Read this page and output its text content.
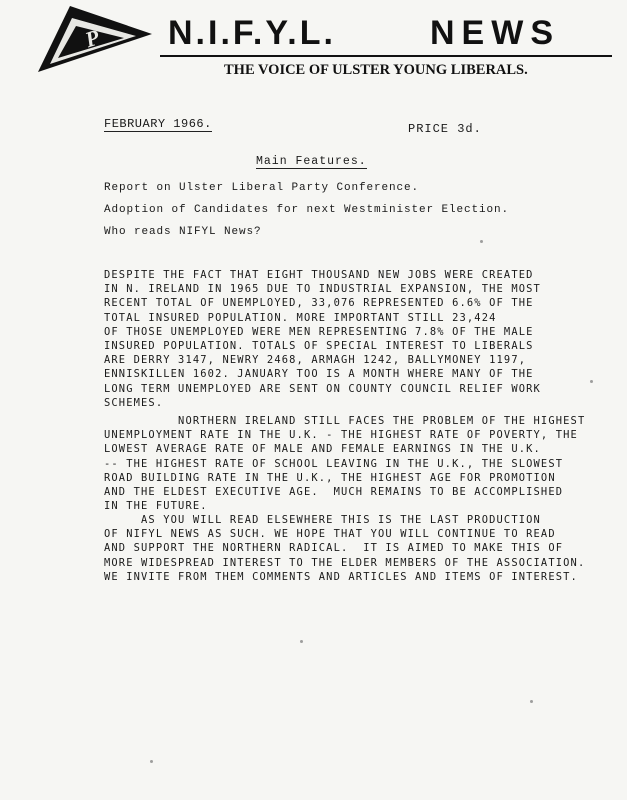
P N.I.F.Y.L.	NEWS
THE VOICE OF ULSTER YOUNG LIBERALS.
FEBRUARY 1966.	PRICE 3d.
Main Features.
Report on Ulster Liberal Party Conference.
Adoption of Candidates for next Westminister Election.
Who reads NIFYL News?
DESPITE THE FACT THAT EIGHT THOUSAND NEW JOBS WERE CREATED
IN N. IRELAND IN 1965 DUE TO INDUSTRIAL EXPANSION, THE MOST
RECENT TOTAL OF UNEMPLOYED, 33,076 REPRESENTED 6.6% OF THE
TOTAL INSURED POPULATION. MORE IMPORTANT STILL 23,424
OF THOSE UNEMPLOYED WERE MEN REPRESENTING 7.8% OF THE MALE
INSURED POPULATION. TOTALS OF SPECIAL INTEREST TO LIBERALS
ARE DERRY 3147, NEWRY 2468, ARMAGH 1242, BALLYMONEY 1197,
ENNISKILLEN 1602. JANUARY TOO IS A MONTH WHERE MANY OF THE
LONG TERM UNEMPLOYED ARE SENT ON COUNTY COUNCIL RELIEF WORK
SCHEMES.
NORTHERN IRELAND STILL FACES THE PROBLEM OF THE HIGHEST
UNEMPLOYMENT RATE IN THE U.K. - THE HIGHEST RATE OF POVERTY, THE
LOWEST AVERAGE RATE OF MALE AND FEMALE EARNINGS IN THE U.K.
-- THE HIGHEST RATE OF SCHOOL LEAVING IN THE U.K., THE SLOWEST
ROAD BUILDING RATE IN THE U.K., THE HIGHEST AGE FOR PROMOTION
AND THE ELDEST EXECUTIVE AGE.  MUCH REMAINS TO BE ACCOMPLISHED
IN THE FUTURE.
AS YOU WILL READ ELSEWHERE THIS IS THE LAST PRODUCTION
OF NIFYL NEWS AS SUCH. WE HOPE THAT YOU WILL CONTINUE TO READ
AND SUPPORT THE NORTHERN RADICAL.  IT IS AIMED TO MAKE THIS OF
MORE WIDESPREAD INTEREST TO THE ELDER MEMBERS OF THE ASSOCIATION.
WE INVITE FROM THEM COMMENTS AND ARTICLES AND ITEMS OF INTEREST.
